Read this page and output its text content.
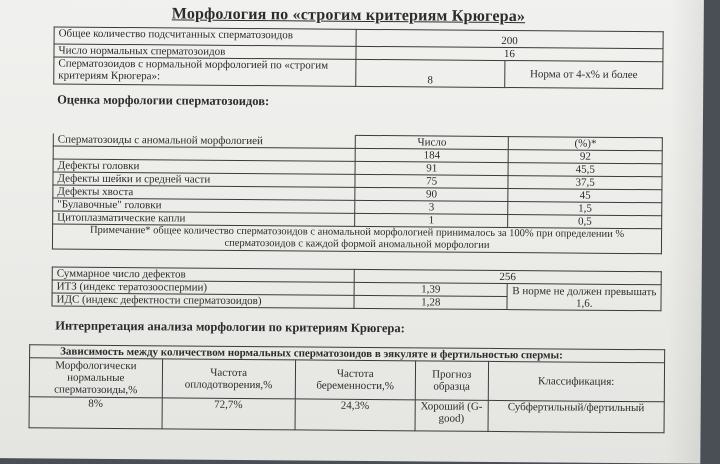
Морфология по «строгим критериям Крюгера»
Общее количество подсчитанных сперматозоидов	200
Число нормальных сперматозоидов	16
Сперматозоидов с нормальной морфологией по «строгим критериям Крюгера»:		8	Норма от 4-х% и более
Оценка морфологии сперматозоидов:
Сперматозоиды с аномальной морфологией	Число	(%)*
	184	92
Дефекты головки	91	45,5
Дефекты шейки и средней части	75	37,5
Дефекты хвоста	90	45
"Булавочные" головки	3	1,5
Цитоплазматические капли	1	0,5
Примечание* общее количество сперматозоидов с аномальной морфологией принималось за 100% при определении % сперматозоидов с каждой формой аномальной морфологии		
Суммарное число дефектов	256	
ИТЗ (индекс тератозооспермии)	1,39	В норме не должен превышать 1,6.
ИДС (индекс дефектности сперматозоидов)	1,28	
Интерпретация анализа морфологии по критериям Крюгера:
Зависимость между количеством нормальных сперматозоидов в эякуляте и фертильностью спермы:				
Морфологически нормальные сперматозоиды,%	Частота оплодотворения,%	Частота беременности,%	Прогноз образца	Классификация:
8%	72,7%	24,3%	Хороший (G-good)	Субфертильный/фертильный
